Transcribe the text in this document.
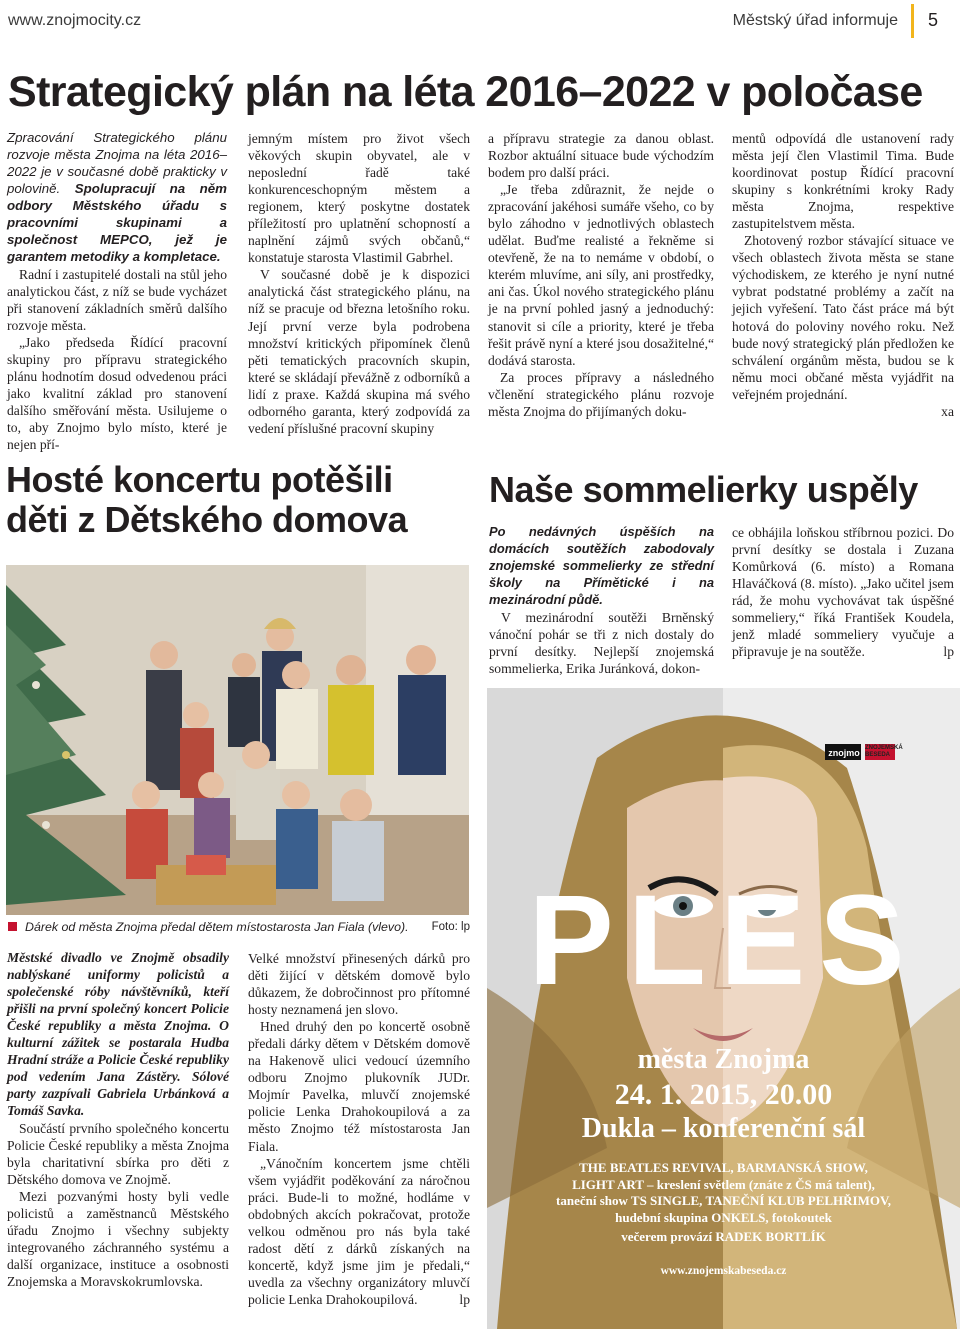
www.znojmocity.cz	Městský úřad informuje 5
Strategický plán na léta 2016–2022 v poločase

Zpracování Strategického plánu rozvoje města Znojma na léta 2016–2022 je v současné době prakticky v polovině. Spolupracují na něm odbory Městského úřadu s pracovními skupinami a společnost MEPCO, jež je garantem metodiky a kompletace.

Radní i zastupitelé dostali na stůl jeho analytickou část, z níž se bude vycházet při stanovení základních směrů dalšího rozvoje města.

„Jako předseda Řídící pracovní skupiny pro přípravu strategického plánu hodnotím dosud odvedenou práci jako kvalitní základ pro stanovení dalšího směřování města. Usilujeme o to, aby Znojmo bylo místo, které je nejen pří-

jemným místem pro život všech věkových skupin obyvatel, ale v neposlední řadě také konkurenceschopným městem a regionem, který poskytne dostatek příležitostí pro uplatnění schopností a naplnění zájmů svých občanů,“ konstatuje starosta Vlastimil Gabrhel.

V současné době je k dispozici analytická část strategického plánu, na níž se pracuje od března letošního roku. Její první verze byla podrobena množství kritických připomínek členů pěti tematických pracovních skupin, které se skládají převážně z odborníků a lidí z praxe. Každá skupina má svého odborného garanta, který zodpovídá za vedení příslušné pracovní skupiny

a přípravu strategie za danou oblast. Rozbor aktuální situace bude východzím bodem pro další práci.

„Je třeba zdůraznit, že nejde o zpracování jakéhosi sumáře všeho, co by bylo záhodno v jednotlivých oblastech udělat. Buďme realisté a řekněme si otevřeně, že na to nemáme v období, o kterém mluvíme, ani síly, ani prostředky, ani čas. Úkol nového strategického plánu je na první pohled jasný a jednoduchý: stanovit si cíle a priority, které je třeba řešit právě nyní a které jsou dosažitelné,“ dodává starosta.

Za proces přípravy a následného včlenění strategického plánu rozvoje města Znojma do přijímaných doku-

mentů odpovídá dle ustanovení rady města její člen Vlastimil Tima. Bude koordinovat postup Řídící pracovní skupiny s konkrétními kroky Rady města Znojma, respektive zastupitelstvem města.

Zhotovený rozbor stávající situace ve všech oblastech života města se stane východiskem, ze kterého je nyní nutné vybrat podstatné problémy a začít na jejich vyřešení. Tato část práce má být hotová do poloviny nového roku. Než bude nový strategický plán předložen ke schválení orgánům města, budou se k němu moci občané města vyjádřit na veřejném projednání.

xa

Hosté koncertu potěšili
děti z Dětského domova
Dárek od města Znojma předal dětem místostarosta Jan Fiala (vlevo). Foto: lp

Městské divadlo ve Znojmě obsadily nablýskané uniformy policistů a společenské róby návštěvníků, kteří přišli na první společný koncert Policie České republiky a města Znojma. O kulturní zážitek se postarala Hudba Hradní stráže a Policie České republiky pod vedením Jana Zástěry. Sólové party zazpívali Gabriela Urbánková a Tomáš Savka.

Součástí prvního společného koncertu Policie České republiky a města Znojma byla charitativní sbírka pro děti z Dětského domova ve Znojmě.

Mezi pozvanými hosty byli vedle policistů a zaměstnanců Městského úřadu Znojmo i všechny subjekty integrovaného záchranného systému a další organizace, instituce a osobnosti Znojemska a Moravskokrumlovska.

Velké množství přinesených dárků pro děti žijící v dětském domově bylo důkazem, že dobročinnost pro přítomné hosty neznamená jen slovo.

Hned druhý den po koncertě osobně předali dárky dětem v Dětském domově na Hakenově ulici vedoucí územního odboru Znojmo plukovník JUDr. Mojmír Pavelka, mluvčí znojemské policie Lenka Drahokoupilová a za město Znojmo též místostarosta Jan Fiala.

„Vánočním koncertem jsme chtěli všem vyjádřit poděkování za náročnou práci. Bude-li to možné, hodláme v obdobných akcích pokračovat, protože velkou odměnou pro nás byla také radost dětí z dárků získaných na koncertě, když jsme jim je předali,“ uvedla za všechny organizátory mluvčí policie Lenka Drahokoupilová.	lp

Naše sommelierky uspěly

Po nedávných úspěších na domácích soutěžích zabodovaly znojemské sommelierky ze střední školy na Přímětické i na mezinárodní půdě.

V mezinárodní soutěži Brněnský vánoční pohár se tři z nich dostaly do první desítky. Nejlepší znojemská sommelierka, Erika Juránková, dokon-

ce obhájila loňskou stříbrnou pozici. Do první desítky se dostala i Zuzana Komůrková (6. místo) a Romana Hlaváčková (8. místo). „Jako učitel jsem rád, že mohu vychovávat tak úspěšné sommeliery,“ říká František Koudela, jenž mladé sommeliery vyučuje a připravuje je na soutěže.	lp

znojmo ZNOJEMSKÁ
BESEDA
PLES
města Znojma
24. 1. 2015, 20.00
Dukla – konferenční sál
THE BEATLES REVIVAL, BARMANSKÁ SHOW,
LIGHT ART – kreslení světlem (znáte z ČS má talent),
taneční show TS SINGLE, TANEČNÍ KLUB PELHŘIMOV,
hudební skupina ONKELS, fotokoutek
večerem provází RADEK BORTLÍK
www.znojemskabeseda.cz
